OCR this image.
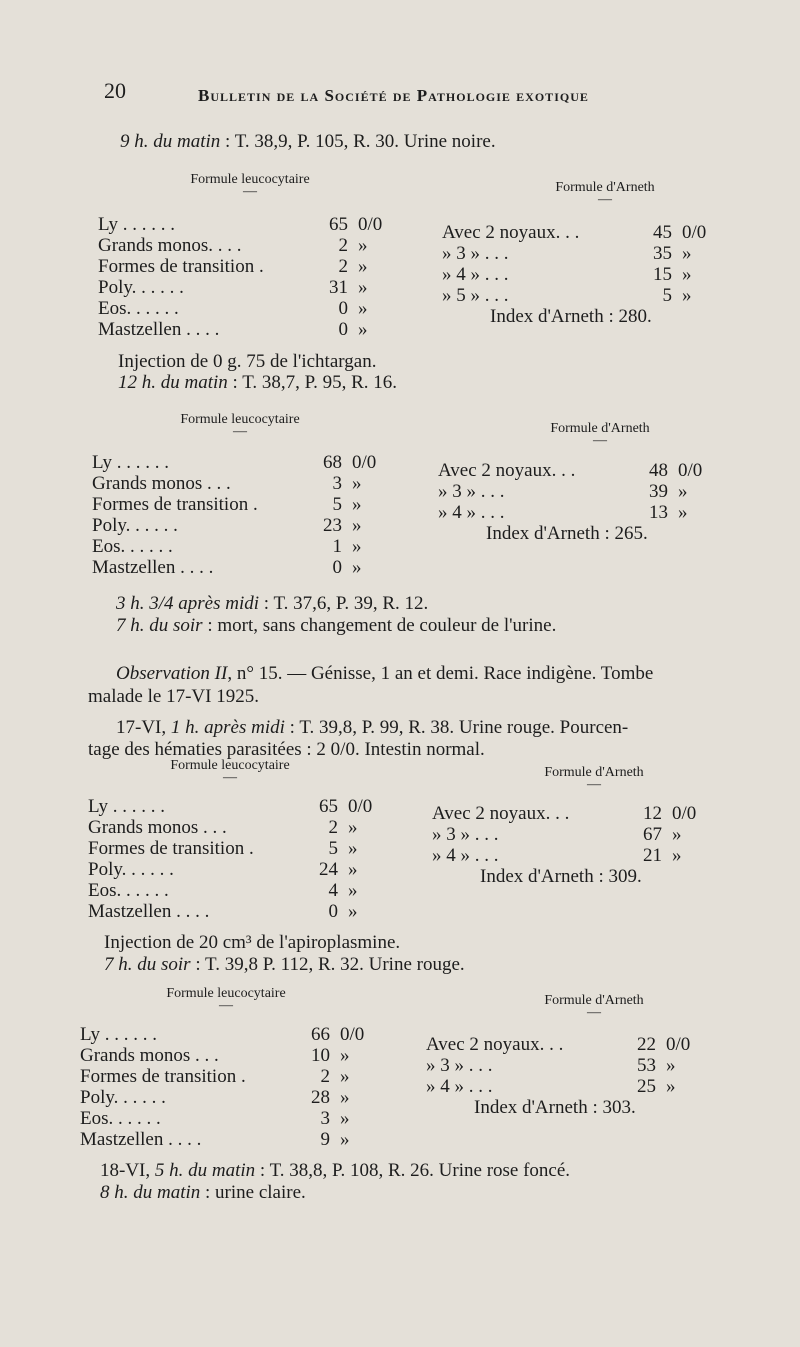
20	Bulletin de la Société de Pathologie exotique
9 h. du matin : T. 38,9, P. 105, R. 30. Urine noire.
Formule leucocytaire
—	Formule d'Arneth
—
Ly . . . . . .	65 0/0
Grands monos. . . .	2 »
Formes de transition .	2 »
Poly. . . . . .	31 »
Eos. . . . . .	0 »
Mastzellen . . . .	0 »
Avec 2 noyaux. . .	45 0/0
» 3 » . . .	35 »
» 4 » . . .	15 »
» 5 » . . .	5 »
Index d'Arneth : 280.
Injection de 0 g. 75 de l'ichtargan.
12 h. du matin : T. 38,7, P. 95, R. 16.
Formule leucocytaire
—	Formule d'Arneth
—
Ly . . . . . .	68 0/0
Grands monos . . .	3 »
Formes de transition .	5 »
Poly. . . . . .	23 »
Eos. . . . . .	1 »
Mastzellen . . . .	0 »
Avec 2 noyaux. . .	48 0/0
» 3 » . . .	39 »
» 4 » . . .	13 »
Index d'Arneth : 265.
3 h. 3/4 après midi : T. 37,6, P. 39, R. 12.
7 h. du soir : mort, sans changement de couleur de l'urine.
Observation II, n° 15. — Génisse, 1 an et demi. Race indigène. Tombe
malade le 17-VI 1925.
17-VI, 1 h. après midi : T. 39,8, P. 99, R. 38. Urine rouge. Pourcen-
tage des hématies parasitées : 2 0/0. Intestin normal.
Formule leucocytaire
—	Formule d'Arneth
—
Ly . . . . . .	65 0/0
Grands monos . . .	2 »
Formes de transition .	5 »
Poly. . . . . .	24 »
Eos. . . . . .	4 »
Mastzellen . . . .	0 »
Avec 2 noyaux. . .	12 0/0
» 3 » . . .	67 »
» 4 » . . .	21 »
Index d'Arneth : 309.
Injection de 20 cm³ de l'apiroplasmine.
7 h. du soir : T. 39,8 P. 112, R. 32. Urine rouge.
Formule leucocytaire
—	Formule d'Arneth
—
Ly . . . . . .	66 0/0
Grands monos . . .	10 »
Formes de transition .	2 »
Poly. . . . . .	28 »
Eos. . . . . .	3 »
Mastzellen . . . .	9 »
Avec 2 noyaux. . .	22 0/0
» 3 » . . .	53 »
» 4 » . . .	25 »
Index d'Arneth : 303.
18-VI, 5 h. du matin : T. 38,8, P. 108, R. 26. Urine rose foncé.
8 h. du matin : urine claire.
